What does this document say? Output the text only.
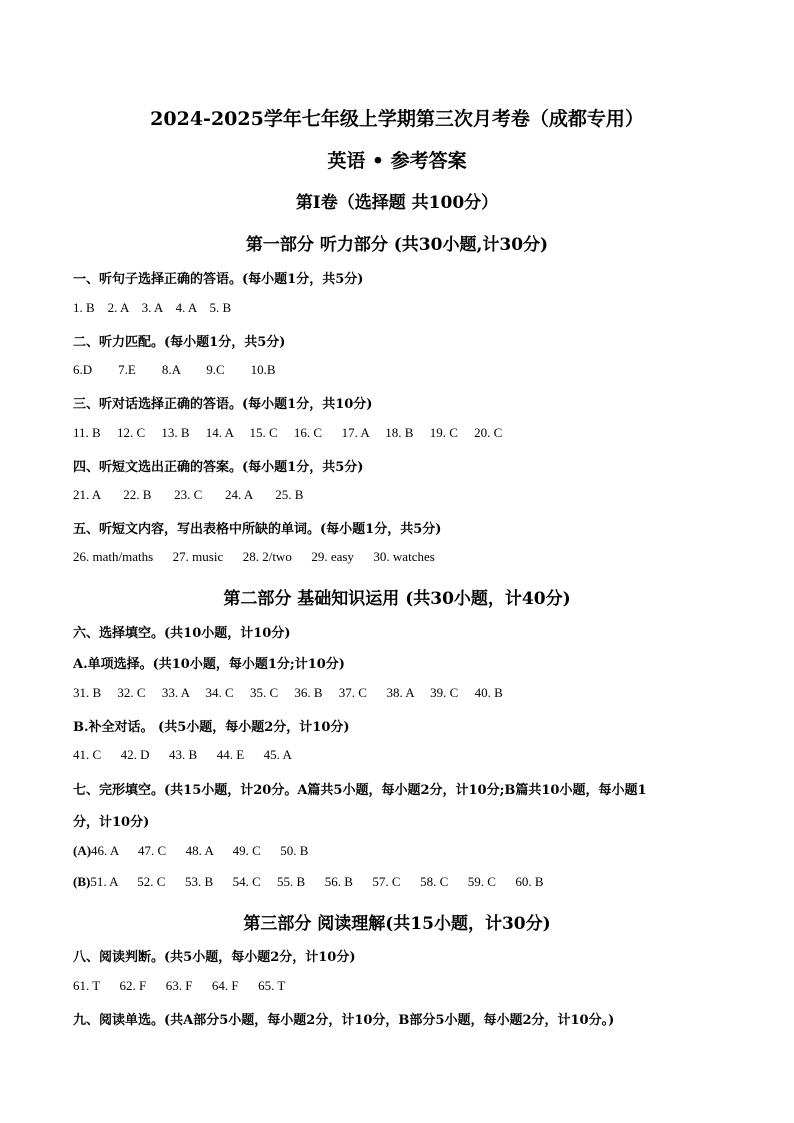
2024-2025学年七年级上学期第三次月考卷（成都专用）
英语 • 参考答案
第I卷（选择题 共100分）
第一部分 听力部分 (共30小题,计30分)
一、听句子选择正确的答语。(每小题1分，共5分)
1. B    2. A    3. A    4. A    5. B
二、听力匹配。(每小题1分，共5分)
6.D        7.E        8.A        9.C        10.B
三、听对话选择正确的答语。(每小题1分，共10分)
11. B     12. C     13. B     14. A     15. C     16. C      17. A     18. B     19. C     20. C
四、听短文选出正确的答案。(每小题1分，共5分)
21. A       22. B       23. C       24. A       25. B
五、听短文内容，写出表格中所缺的单词。(每小题1分，共5分)
26. math/maths      27. music      28. 2/two      29. easy      30. watches
第二部分 基础知识运用 (共30小题，计40分)
六、选择填空。(共10小题，计10分)
A.单项选择。(共10小题，每小题1分;计10分)
31. B     32. C     33. A     34. C     35. C     36. B     37. C      38. A     39. C     40. B
B.补全对话。 (共5小题，每小题2分，计10分)
41. C      42. D      43. B      44. E      45. A
七、完形填空。(共15小题，计20分。A篇共5小题，每小题2分，计10分;B篇共10小题，每小题1
分，计10分)
(A)46. A      47. C      48. A      49. C      50. B
(B)51. A      52. C      53. B      54. C     55. B      56. B      57. C      58. C      59. C      60. B
第三部分 阅读理解(共15小题，计30分)
八、阅读判断。(共5小题，每小题2分，计10分)
61. T      62. F      63. F      64. F      65. T
九、阅读单选。(共A部分5小题，每小题2分，计10分，B部分5小题，每小题2分，计10分。)
